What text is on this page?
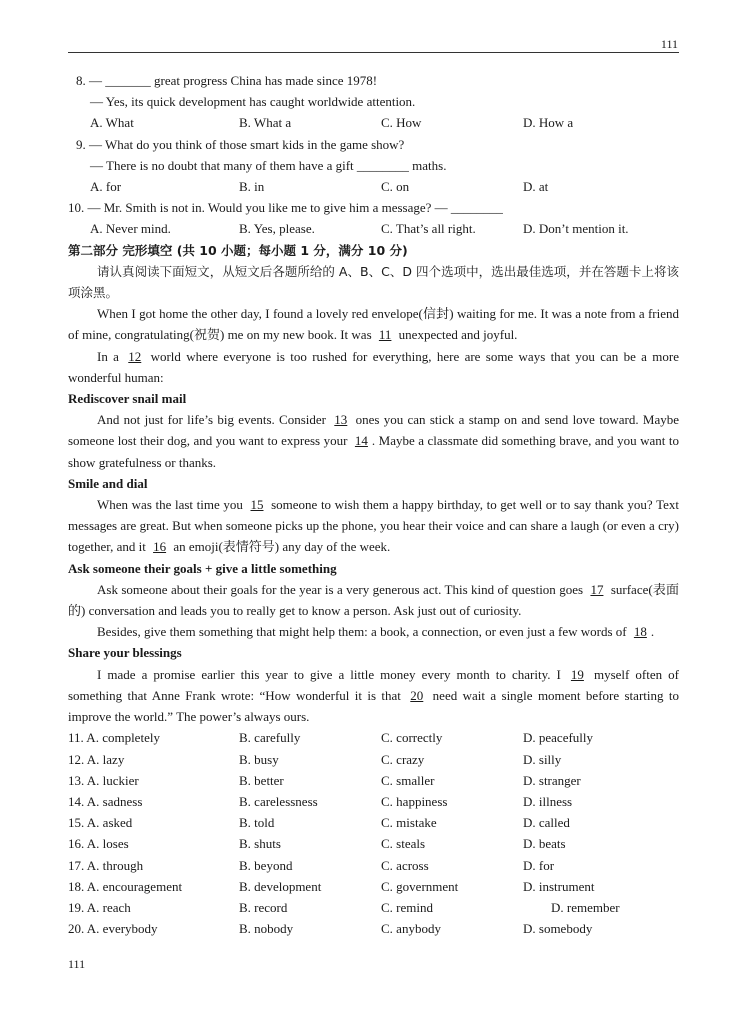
111
8. — _______ great progress China has made since 1978!
— Yes, its quick development has caught worldwide attention.
A. What	B. What a	C. How	D. How a
9. — What do you think of those smart kids in the game show?
— There is no doubt that many of them have a gift ________ maths.
A. for	B. in	C. on	D. at
10. — Mr. Smith is not in. Would you like me to give him a message? — ________
A. Never mind.	B. Yes, please.	C. That’s all right.	D. Don’t mention it.
第二部分 完形填空 (共 10 小题；每小题 1 分，满分 10 分)
请认真阅读下面短文，从短文后各题所给的 A、B、C、D 四个选项中，选出最佳选项，并在答题卡上将该项涂黑。
When I got home the other day, I found a lovely red envelope(信封) waiting for me. It was a note from a friend of mine, congratulating(祝贺) me on my new book. It was 11 unexpected and joyful.
In a 12 world where everyone is too rushed for everything, here are some ways that you can be a more wonderful human:
Rediscover snail mail
And not just for life’s big events. Consider 13 ones you can stick a stamp on and send love toward. Maybe someone lost their dog, and you want to express your 14 . Maybe a classmate did something brave, and you want to show gratefulness or thanks.
Smile and dial
When was the last time you 15 someone to wish them a happy birthday, to get well or to say thank you? Text messages are great. But when someone picks up the phone, you hear their voice and can share a laugh (or even a cry) together, and it 16 an emoji(表情符号) any day of the week.
Ask someone their goals + give a little something
Ask someone about their goals for the year is a very generous act. This kind of question goes 17 surface(表面的) conversation and leads you to really get to know a person. Ask just out of curiosity.
Besides, give them something that might help them: a book, a connection, or even just a few words of 18 .
Share your blessings
I made a promise earlier this year to give a little money every month to charity. I 19 myself often of something that Anne Frank wrote: “How wonderful it is that 20 need wait a single moment before starting to improve the world.” The power’s always ours.
11. A. completely	B. carefully	C. correctly	D. peacefully
12. A. lazy	B. busy	C. crazy	D. silly
13. A. luckier	B. better	C. smaller	D. stranger
14. A. sadness	B. carelessness	C. happiness	D. illness
15. A. asked	B. told	C. mistake	D. called
16. A. loses	B. shuts	C. steals	D. beats
17. A. through	B. beyond	C. across	D. for
18. A. encouragement	B. development	C. government	D. instrument
19. A. reach	B. record	C. remind	D. remember
20. A. everybody	B. nobody	C. anybody	D. somebody
111
